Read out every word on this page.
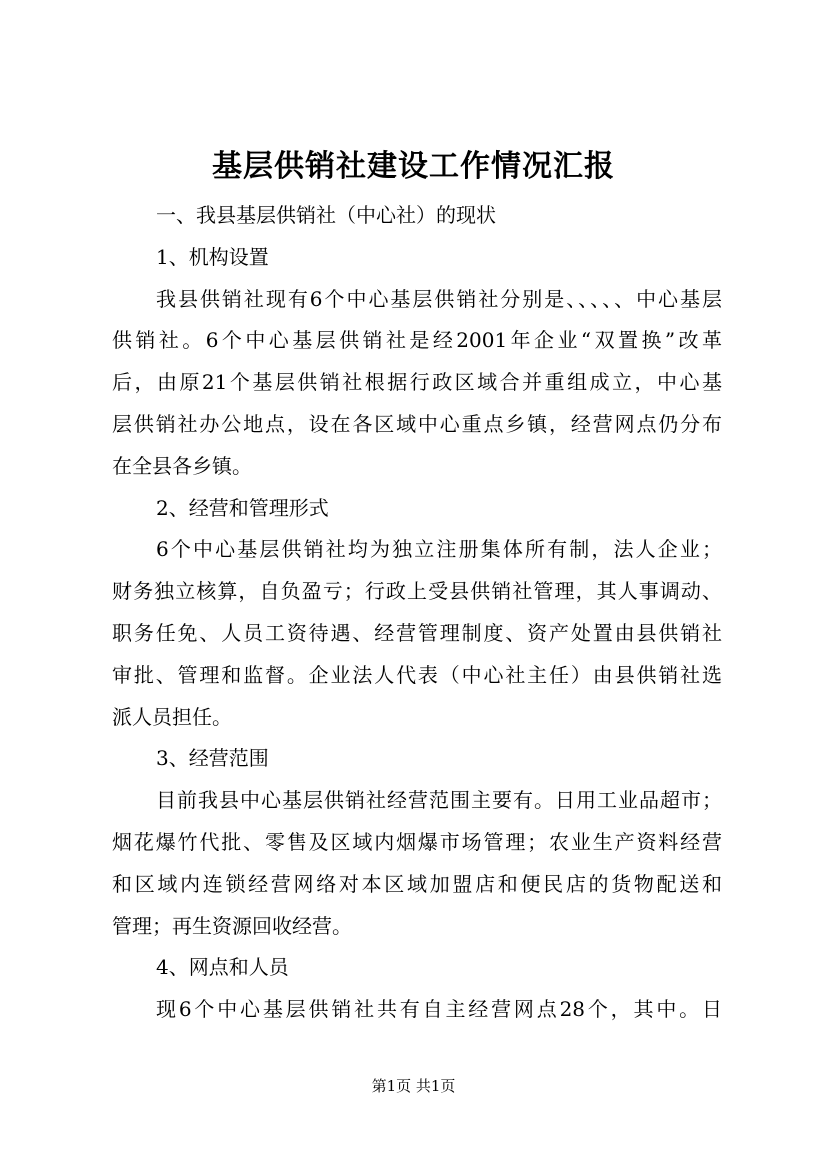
基层供销社建设工作情况汇报
一、我县基层供销社（中心社）的现状
1、机构设置
我县供销社现有6个中心基层供销社分别是、、、、、中心基层
供销社。6个中心基层供销社是经2001年企业“双置换”改革
后，由原21个基层供销社根据行政区域合并重组成立，中心基
层供销社办公地点，设在各区域中心重点乡镇，经营网点仍分布
在全县各乡镇。
2、经营和管理形式
6个中心基层供销社均为独立注册集体所有制，法人企业；
财务独立核算，自负盈亏；行政上受县供销社管理，其人事调动、
职务任免、人员工资待遇、经营管理制度、资产处置由县供销社
审批、管理和监督。企业法人代表（中心社主任）由县供销社选
派人员担任。
3、经营范围
目前我县中心基层供销社经营范围主要有。日用工业品超市；
烟花爆竹代批、零售及区域内烟爆市场管理；农业生产资料经营
和区域内连锁经营网络对本区域加盟店和便民店的货物配送和
管理；再生资源回收经营。
4、网点和人员
现6个中心基层供销社共有自主经营网点28个，其中。日
第1页 共1页
